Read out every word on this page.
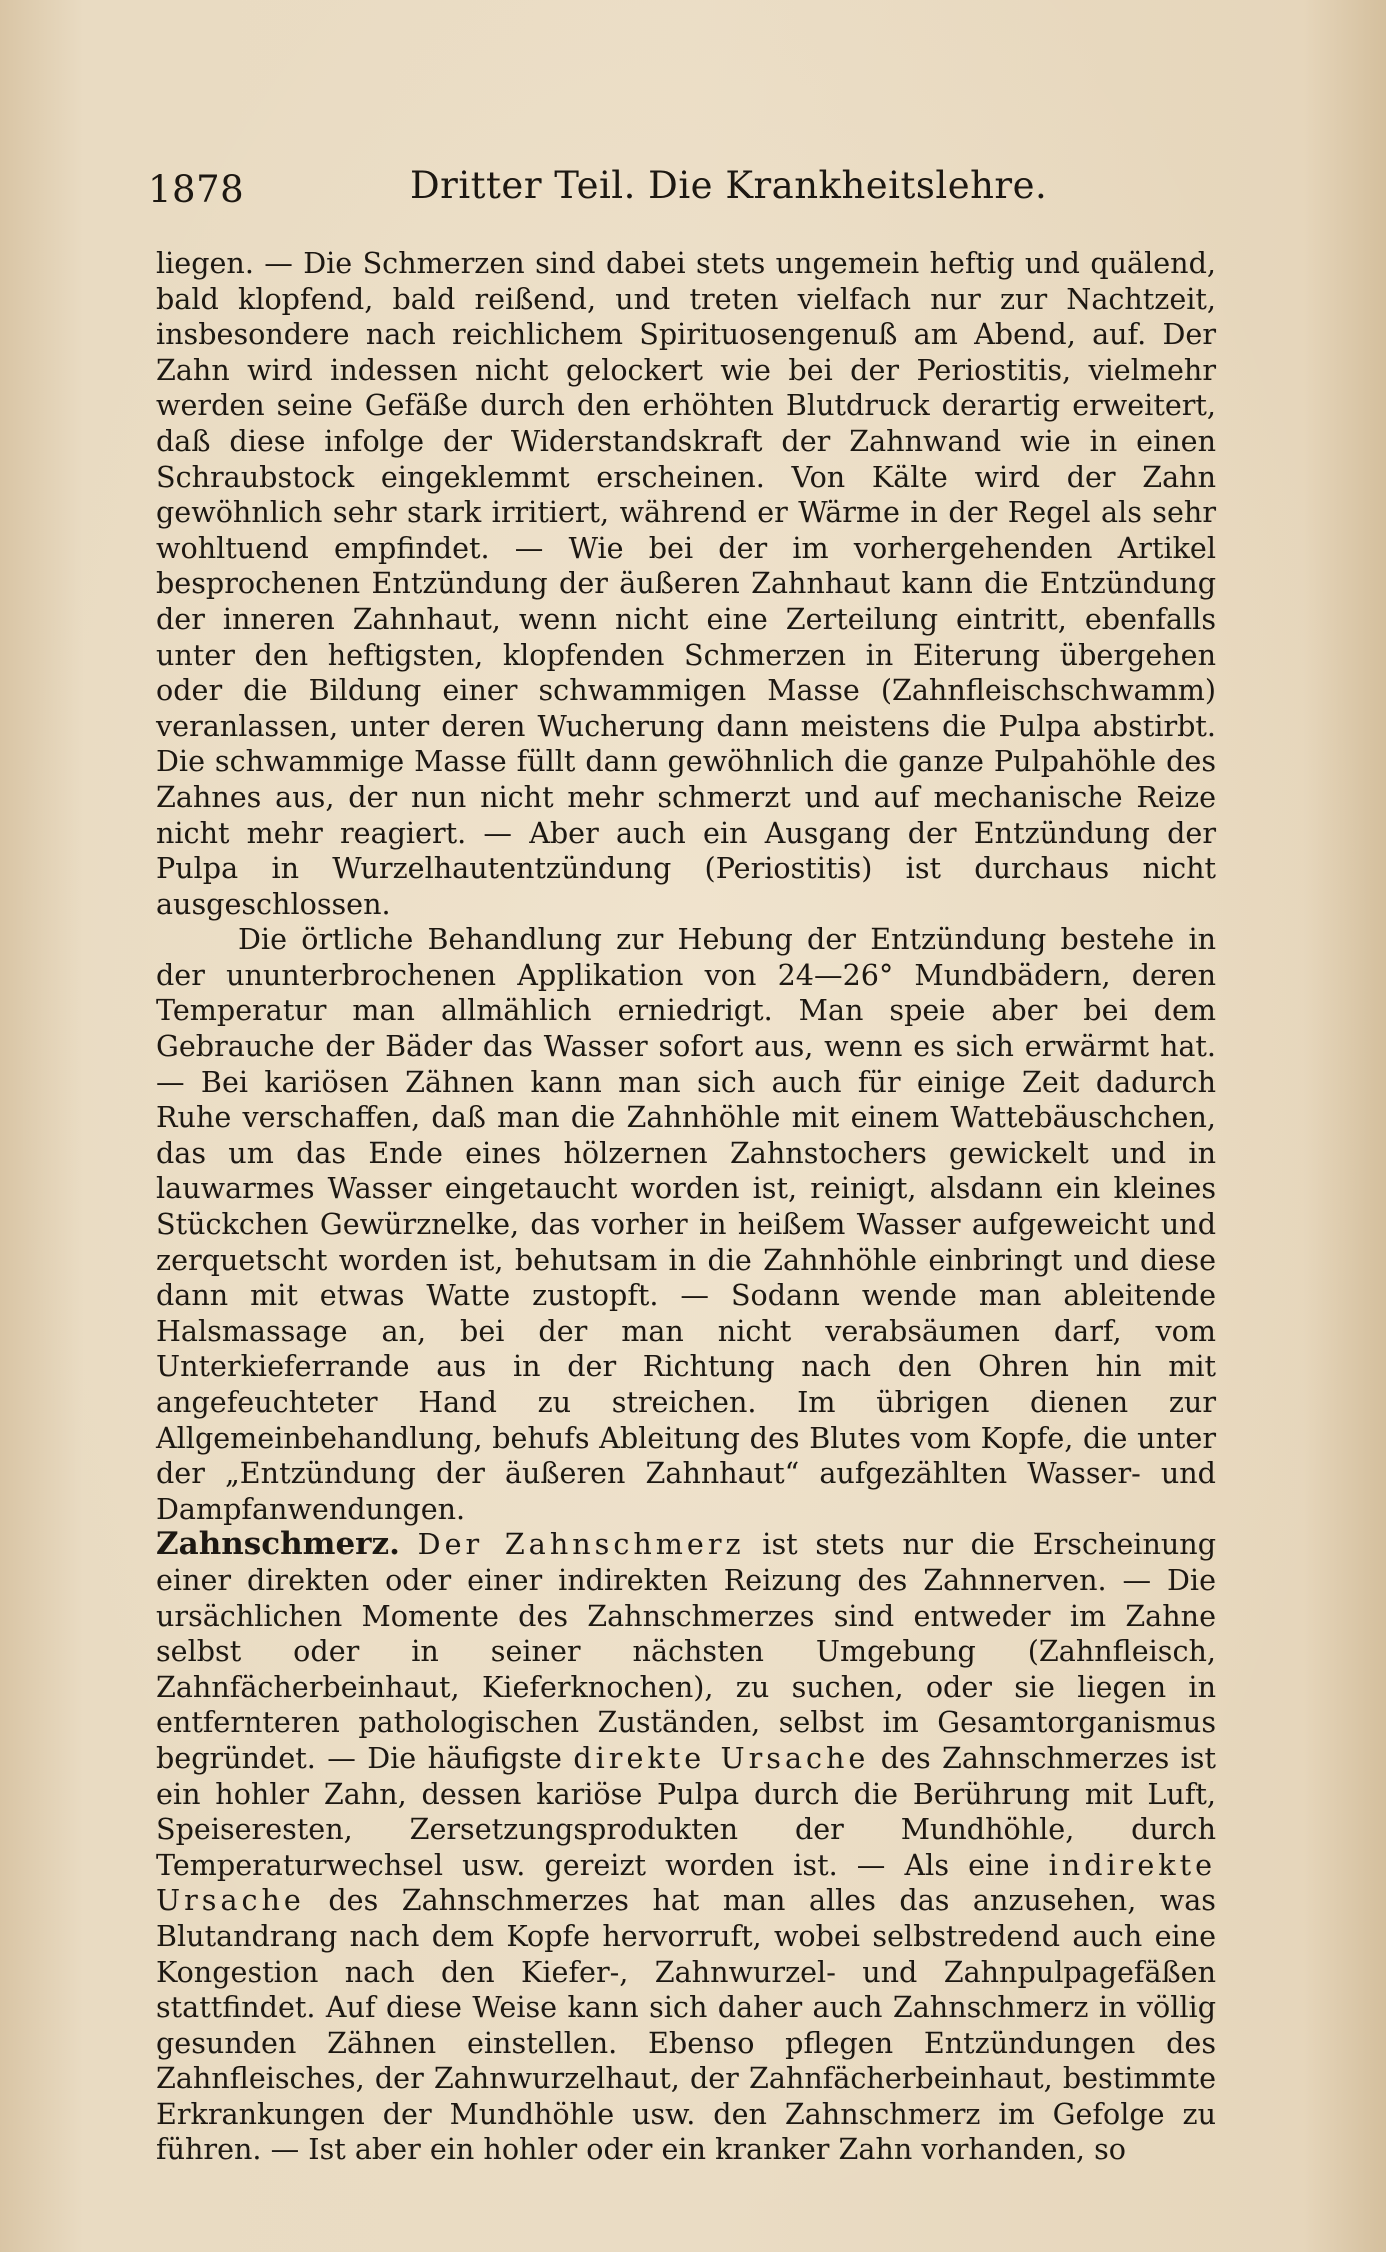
1878	Dritter Teil. Die Krankheitslehre.

liegen. — Die Schmerzen sind dabei stets ungemein heftig und quälend, bald klopfend, bald reißend, und treten vielfach nur zur Nachtzeit, insbesondere nach reichlichem Spirituosengenuß am Abend, auf. Der Zahn wird indessen nicht gelockert wie bei der Periostitis, vielmehr werden seine Gefäße durch den erhöhten Blutdruck derartig erweitert, daß diese infolge der Widerstandskraft der Zahnwand wie in einen Schraubstock eingeklemmt erscheinen. Von Kälte wird der Zahn gewöhnlich sehr stark irritiert, während er Wärme in der Regel als sehr wohltuend empfindet. — Wie bei der im vorhergehenden Artikel besprochenen Entzündung der äußeren Zahnhaut kann die Entzündung der inneren Zahnhaut, wenn nicht eine Zerteilung eintritt, ebenfalls unter den heftigsten, klopfenden Schmerzen in Eiterung übergehen oder die Bildung einer schwammigen Masse (Zahnfleischschwamm) veranlassen, unter deren Wucherung dann meistens die Pulpa abstirbt. Die schwammige Masse füllt dann gewöhnlich die ganze Pulpahöhle des Zahnes aus, der nun nicht mehr schmerzt und auf mechanische Reize nicht mehr reagiert. — Aber auch ein Ausgang der Entzündung der Pulpa in Wurzelhautentzündung (Periostitis) ist durchaus nicht ausgeschlossen.

Die örtliche Behandlung zur Hebung der Entzündung bestehe in der ununterbrochenen Applikation von 24—26° Mundbädern, deren Temperatur man allmählich erniedrigt. Man speie aber bei dem Gebrauche der Bäder das Wasser sofort aus, wenn es sich erwärmt hat. — Bei kariösen Zähnen kann man sich auch für einige Zeit dadurch Ruhe verschaffen, daß man die Zahnhöhle mit einem Wattebäuschchen, das um das Ende eines hölzernen Zahnstochers gewickelt und in lauwarmes Wasser eingetaucht worden ist, reinigt, alsdann ein kleines Stückchen Gewürznelke, das vorher in heißem Wasser aufgeweicht und zerquetscht worden ist, behutsam in die Zahnhöhle einbringt und diese dann mit etwas Watte zustopft. — Sodann wende man ableitende Halsmassage an, bei der man nicht verabsäumen darf, vom Unterkieferrande aus in der Richtung nach den Ohren hin mit angefeuchteter Hand zu streichen. Im übrigen dienen zur Allgemeinbehandlung, behufs Ableitung des Blutes vom Kopfe, die unter der „Entzündung der äußeren Zahnhaut“ aufgezählten Wasser- und Dampfanwendungen.

Zahnschmerz. Der Zahnschmerz ist stets nur die Erscheinung einer direkten oder einer indirekten Reizung des Zahnnerven. — Die ursächlichen Momente des Zahnschmerzes sind entweder im Zahne selbst oder in seiner nächsten Umgebung (Zahnfleisch, Zahnfächerbeinhaut, Kieferknochen), zu suchen, oder sie liegen in entfernteren pathologischen Zuständen, selbst im Gesamtorganismus begründet. — Die häufigste direkte Ursache des Zahnschmerzes ist ein hohler Zahn, dessen kariöse Pulpa durch die Berührung mit Luft, Speiseresten, Zersetzungsprodukten der Mundhöhle, durch Temperaturwechsel usw. gereizt worden ist. — Als eine indirekte Ursache des Zahnschmerzes hat man alles das anzusehen, was Blutandrang nach dem Kopfe hervorruft, wobei selbstredend auch eine Kongestion nach den Kiefer-, Zahnwurzel- und Zahnpulpagefäßen stattfindet. Auf diese Weise kann sich daher auch Zahnschmerz in völlig gesunden Zähnen einstellen. Ebenso pflegen Entzündungen des Zahnfleisches, der Zahnwurzelhaut, der Zahnfächerbeinhaut, bestimmte Erkrankungen der Mundhöhle usw. den Zahnschmerz im Gefolge zu führen. — Ist aber ein hohler oder ein kranker Zahn vorhanden, so
